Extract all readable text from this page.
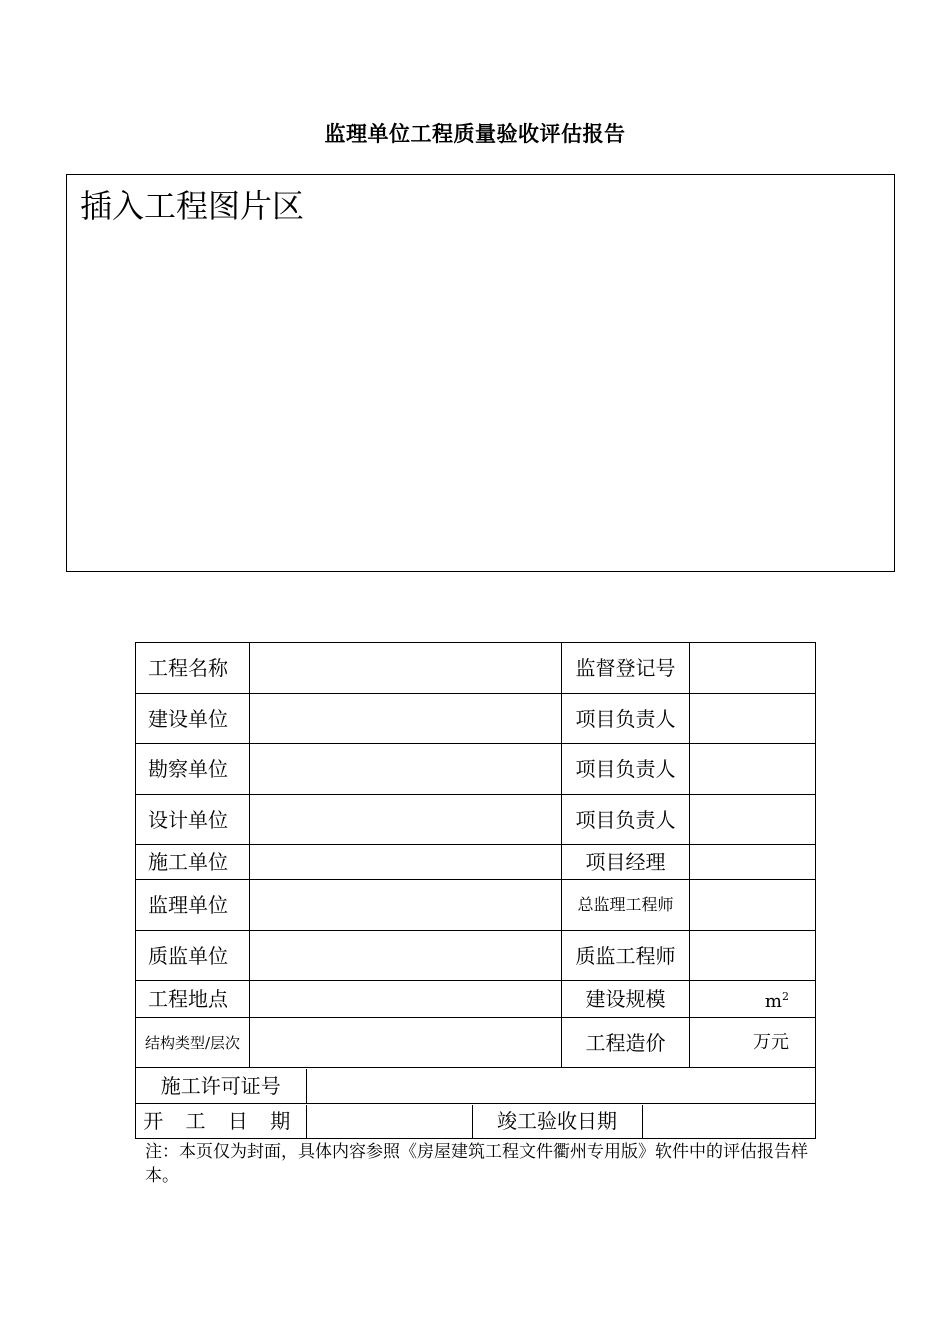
监理单位工程质量验收评估报告
插入工程图片区
工程名称		监督登记号	
建设单位		项目负责人	
勘察单位		项目负责人	
设计单位		项目负责人	
施工单位		项目经理	
监理单位		总监理工程师	
质监单位		质监工程师	
工程地点		建设规模	$m^2$
结构类型/层次		工程造价	万元

施工许可证号	

开 工 日 期		竣工验收日期	
注：本页仅为封面，具体内容参照《房屋建筑工程文件衢州专用版》软件中的评估报告样本。
